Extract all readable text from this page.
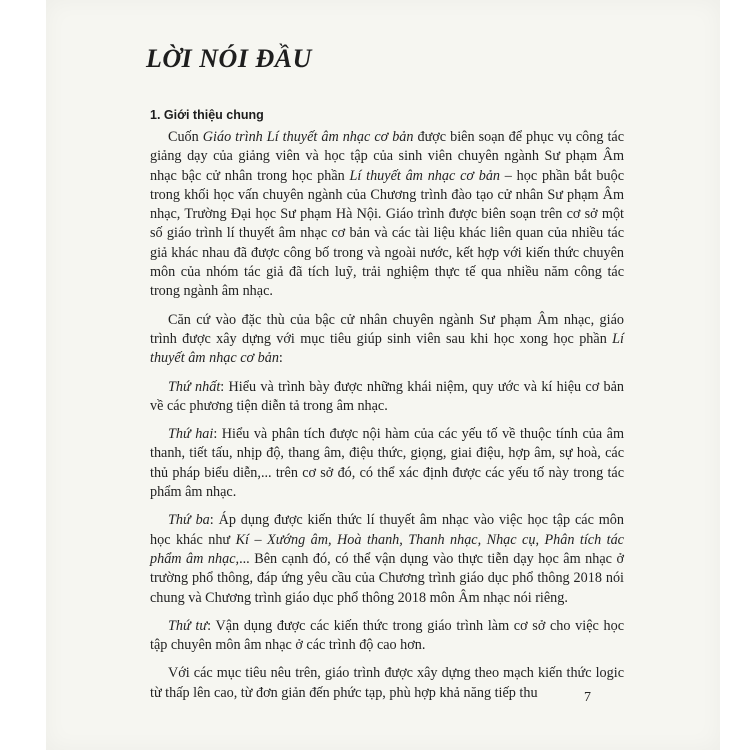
LỜI NÓI ĐẦU
1. Giới thiệu chung

Cuốn Giáo trình Lí thuyết âm nhạc cơ bản được biên soạn để phục vụ công tác giảng dạy của giảng viên và học tập của sinh viên chuyên ngành Sư phạm Âm nhạc bậc cử nhân trong học phần Lí thuyết âm nhạc cơ bản – học phần bắt buộc trong khối học vấn chuyên ngành của Chương trình đào tạo cử nhân Sư phạm Âm nhạc, Trường Đại học Sư phạm Hà Nội. Giáo trình được biên soạn trên cơ sở một số giáo trình lí thuyết âm nhạc cơ bản và các tài liệu khác liên quan của nhiều tác giả khác nhau đã được công bố trong và ngoài nước, kết hợp với kiến thức chuyên môn của nhóm tác giả đã tích luỹ, trải nghiệm thực tế qua nhiều năm công tác trong ngành âm nhạc.

Căn cứ vào đặc thù của bậc cử nhân chuyên ngành Sư phạm Âm nhạc, giáo trình được xây dựng với mục tiêu giúp sinh viên sau khi học xong học phần Lí thuyết âm nhạc cơ bản:

Thứ nhất: Hiểu và trình bày được những khái niệm, quy ước và kí hiệu cơ bản về các phương tiện diễn tả trong âm nhạc.

Thứ hai: Hiểu và phân tích được nội hàm của các yếu tố về thuộc tính của âm thanh, tiết tấu, nhịp độ, thang âm, điệu thức, giọng, giai điệu, hợp âm, sự hoà, các thủ pháp biểu diễn,... trên cơ sở đó, có thể xác định được các yếu tố này trong tác phẩm âm nhạc.

Thứ ba: Áp dụng được kiến thức lí thuyết âm nhạc vào việc học tập các môn học khác như Kí – Xướng âm, Hoà thanh, Thanh nhạc, Nhạc cụ, Phân tích tác phẩm âm nhạc,... Bên cạnh đó, có thể vận dụng vào thực tiễn dạy học âm nhạc ở trường phổ thông, đáp ứng yêu cầu của Chương trình giáo dục phổ thông 2018 nói chung và Chương trình giáo dục phổ thông 2018 môn Âm nhạc nói riêng.

Thứ tư: Vận dụng được các kiến thức trong giáo trình làm cơ sở cho việc học tập chuyên môn âm nhạc ở các trình độ cao hơn.

Với các mục tiêu nêu trên, giáo trình được xây dựng theo mạch kiến thức logic từ thấp lên cao, từ đơn giản đến phức tạp, phù hợp khả năng tiếp thu	7
